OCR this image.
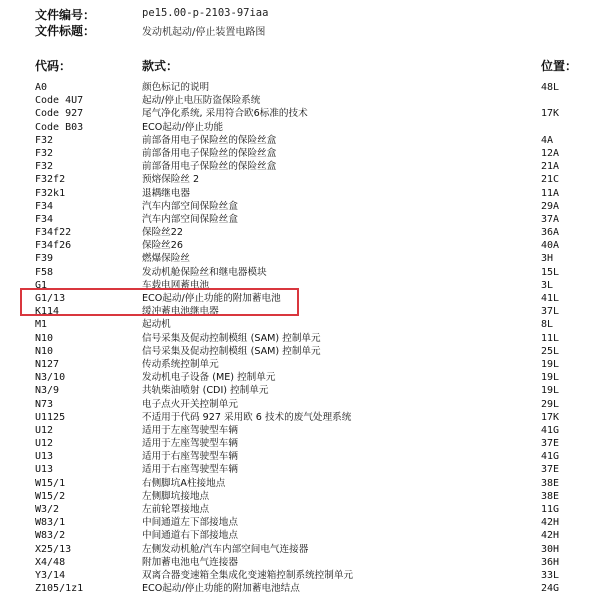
文件编号：	pe15.00-p-2103-97iaa
文件标题：	发动机起动/停止装置电路图
代码：	款式：	位置：
A0	颜色标记的说明	48L
Code 4U7	起动/停止电压防盗保险系统
Code 927	尾气净化系统, 采用符合欧6标准的技术	17K
Code B03	ECO起动/停止功能
F32	前部备用电子保险丝的保险丝盒	4A
F32	前部备用电子保险丝的保险丝盒	12A
F32	前部备用电子保险丝的保险丝盒	21A
F32f2	预熔保险丝 2	21C
F32k1	退耦继电器	11A
F34	汽车内部空间保险丝盒	29A
F34	汽车内部空间保险丝盒	37A
F34f22	保险丝22	36A
F34f26	保险丝26	40A
F39	燃爆保险丝	3H
F58	发动机舱保险丝和继电器模块	15L
G1	车载电网蓄电池	3L
G1/13	ECO起动/停止功能的附加蓄电池	41L
K114	缓冲蓄电池继电器	37L
M1	起动机	8L
N10	信号采集及促动控制模组 (SAM) 控制单元	11L
N10	信号采集及促动控制模组 (SAM) 控制单元	25L
N127	传动系统控制单元	19L
N3/10	发动机电子设备 (ME) 控制单元	19L
N3/9	共轨柴油喷射 (CDI) 控制单元	19L
N73	电子点火开关控制单元	29L
U1125	不适用于代码 927 采用欧 6 技术的废气处理系统	17K
U12	适用于左座驾驶型车辆	41G
U12	适用于左座驾驶型车辆	37E
U13	适用于右座驾驶型车辆	41G
U13	适用于右座驾驶型车辆	37E
W15/1	右侧脚坑A柱接地点	38E
W15/2	左侧脚坑接地点	38E
W3/2	左前轮罩接地点	11G
W83/1	中间通道左下部接地点	42H
W83/2	中间通道右下部接地点	42H
X25/13	左侧发动机舱/汽车内部空间电气连接器	30H
X4/48	附加蓄电池电气连接器	36H
Y3/14	双离合器变速箱全集成化变速箱控制系统控制单元	33L
Z105/1z1	ECO起动/停止功能的附加蓄电池结点	24G
